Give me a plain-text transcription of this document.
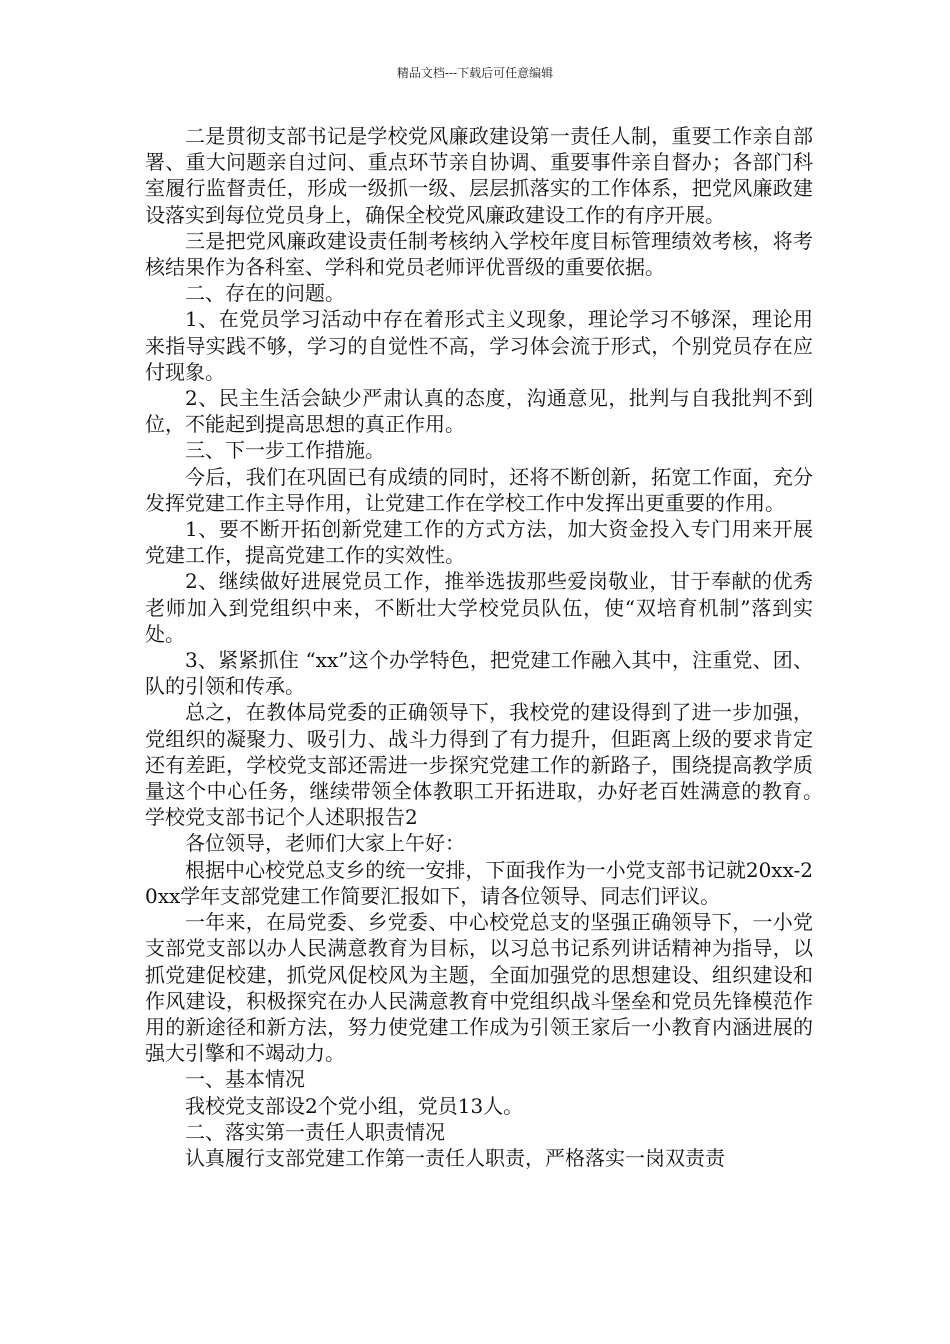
精品文档---下载后可任意编辑

二是贯彻支部书记是学校党风廉政建设第一责任人制，重要工作亲自部署、重大问题亲自过问、重点环节亲自协调、重要事件亲自督办；各部门科室履行监督责任，形成一级抓一级、层层抓落实的工作体系，把党风廉政建设落实到每位党员身上，确保全校党风廉政建设工作的有序开展。

三是把党风廉政建设责任制考核纳入学校年度目标管理绩效考核，将考核结果作为各科室、学科和党员老师评优晋级的重要依据。

二、存在的问题。

1、在党员学习活动中存在着形式主义现象，理论学习不够深，理论用来指导实践不够，学习的自觉性不高，学习体会流于形式，个别党员存在应付现象。

2、民主生活会缺少严肃认真的态度，沟通意见，批判与自我批判不到位，不能起到提高思想的真正作用。

三、下一步工作措施。

今后，我们在巩固已有成绩的同时，还将不断创新，拓宽工作面，充分发挥党建工作主导作用，让党建工作在学校工作中发挥出更重要的作用。

1、要不断开拓创新党建工作的方式方法，加大资金投入专门用来开展党建工作，提高党建工作的实效性。

2、继续做好进展党员工作，推举选拔那些爱岗敬业，甘于奉献的优秀老师加入到党组织中来，不断壮大学校党员队伍，使“双培育机制”落到实处。

3、紧紧抓住 “xx”这个办学特色，把党建工作融入其中，注重党、团、队的引领和传承。

总之，在教体局党委的正确领导下，我校党的建设得到了进一步加强，党组织的凝聚力、吸引力、战斗力得到了有力提升，但距离上级的要求肯定还有差距，学校党支部还需进一步探究党建工作的新路子，围绕提高教学质量这个中心任务，继续带领全体教职工开拓进取，办好老百姓满意的教育。　　学校党支部书记个人述职报告2

各位领导，老师们大家上午好：

根据中心校党总支乡的统一安排，下面我作为一小党支部书记就20xx-20xx学年支部党建工作简要汇报如下，请各位领导、同志们评议。

一年来，在局党委、乡党委、中心校党总支的坚强正确领导下，一小党支部党支部以办人民满意教育为目标，以习总书记系列讲话精神为指导，以抓党建促校建，抓党风促校风为主题，全面加强党的思想建设、组织建设和作风建设，积极探究在办人民满意教育中党组织战斗堡垒和党员先锋模范作用的新途径和新方法，努力使党建工作成为引领王家后一小教育内涵进展的强大引擎和不竭动力。

一、基本情况

我校党支部设2个党小组，党员13人。

二、落实第一责任人职责情况

认真履行支部党建工作第一责任人职责，严格落实一岗双责责
